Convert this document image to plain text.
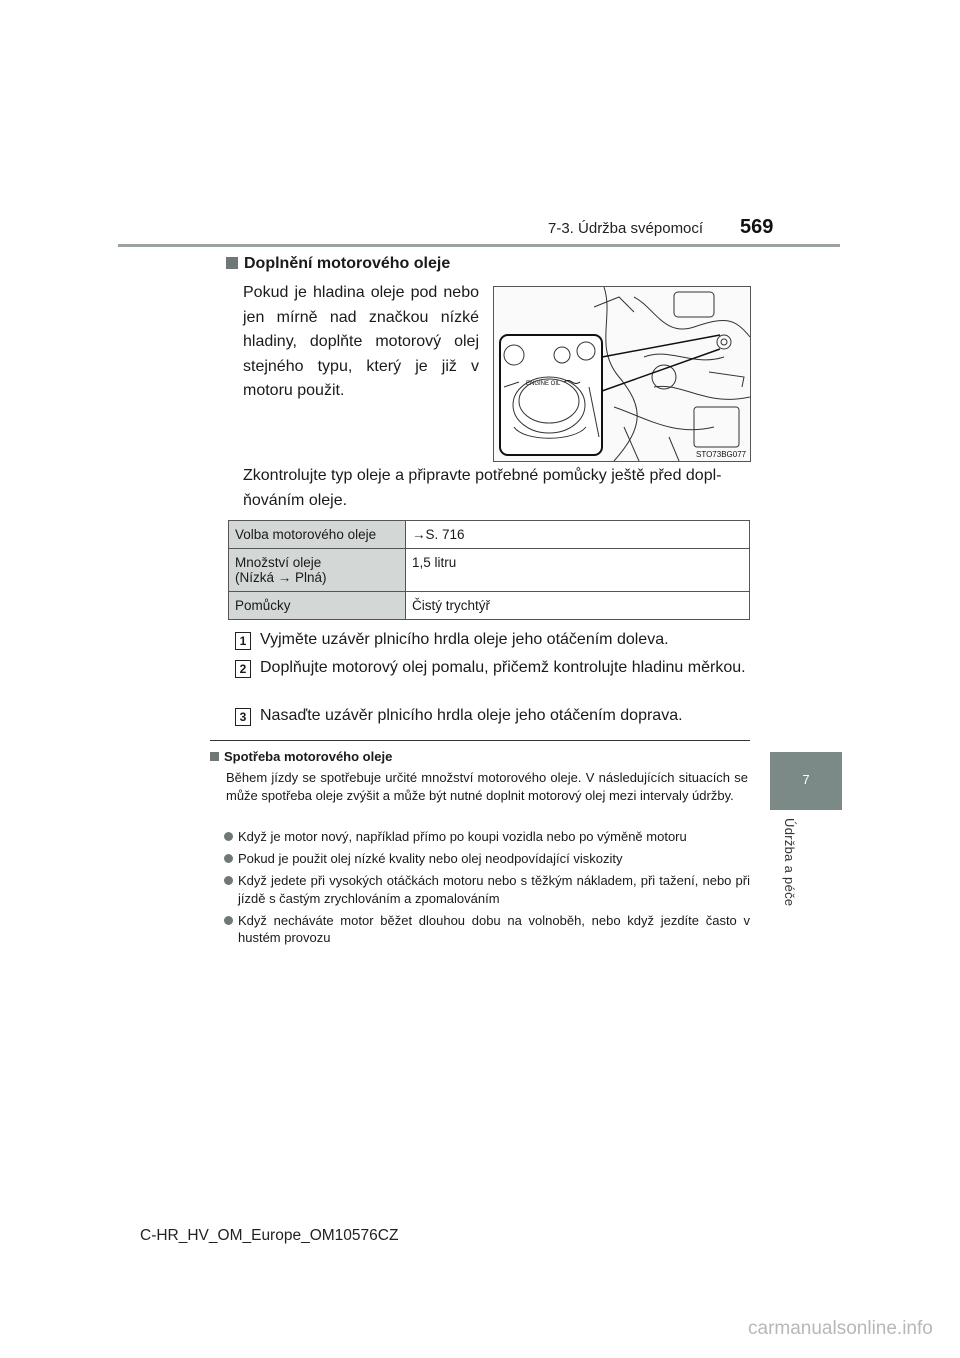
7-3. Údržba svépomocí 569
7
Údržba a péče
Doplnění motorového oleje
Pokud je hladina oleje pod nebo jen mírně nad značkou nízké hladiny, doplňte motorový olej stejného typu, který je již v motoru použit.	ENGINE OIL
STO73BG077
Zkontrolujte typ oleje a připravte potřebné pomůcky ještě před doplňováním oleje.
Volba motorového oleje	→S. 716
Množství oleje
(Nízká → Plná)	1,5 litru
Pomůcky	Čistý trychtýř
1 Vyjměte uzávěr plnicího hrdla oleje jeho otáčením doleva.
2 Doplňujte motorový olej pomalu, přičemž kontrolujte hladinu měrkou.
3 Nasaďte uzávěr plnicího hrdla oleje jeho otáčením doprava.
Spotřeba motorového oleje
Během jízdy se spotřebuje určité množství motorového oleje. V následujících situacích se může spotřeba oleje zvýšit a může být nutné doplnit motorový olej mezi intervaly údržby.
Když je motor nový, například přímo po koupi vozidla nebo po výměně motoru
Pokud je použit olej nízké kvality nebo olej neodpovídající viskozity
Když jedete při vysokých otáčkách motoru nebo s těžkým nákladem, při tažení, nebo při jízdě s častým zrychlováním a zpomalováním
Když necháváte motor běžet dlouhou dobu na volnoběh, nebo když jezdíte často v hustém provozu
C-HR_HV_OM_Europe_OM10576CZ
carmanualsonline.info
